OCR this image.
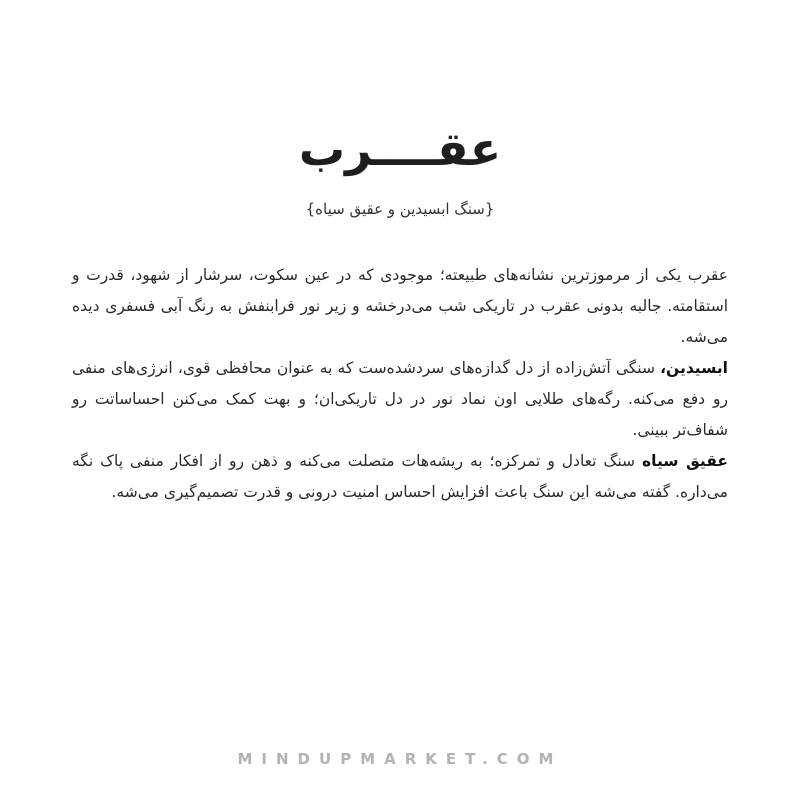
عقــــرب
{سنگ ابسیدین و عقیق سیاه}

عقرب یکی از مرموزترین نشانه‌های طبیعته؛ موجودی که در عین سکوت، سرشار از شهود، قدرت و استقامته. جالبه بدونی عقرب در تاریکی شب می‌درخشه و زیر نور فرابنفش به رنگ آبی فسفری دیده می‌شه.

ابسیدین، سنگی آتش‌زاده از دل گدازه‌های سردشده‌ست که به عنوان محافظی قوی، انرژی‌های منفی رو دفع می‌کنه. رگه‌های طلایی اون نماد نور در دل تاریکی‌ان؛ و بهت کمک می‌کنن احساساتت رو شفاف‌تر ببینی.

عقیق سیاه سنگ تعادل و تمرکزه؛ به ریشه‌هات متصلت می‌کنه و ذهن رو از افکار منفی پاک نگه می‌داره. گفته می‌شه این سنگ باعث افزایش احساس امنیت درونی و قدرت تصمیم‌گیری می‌شه.

MINDUPMARKET.COM
